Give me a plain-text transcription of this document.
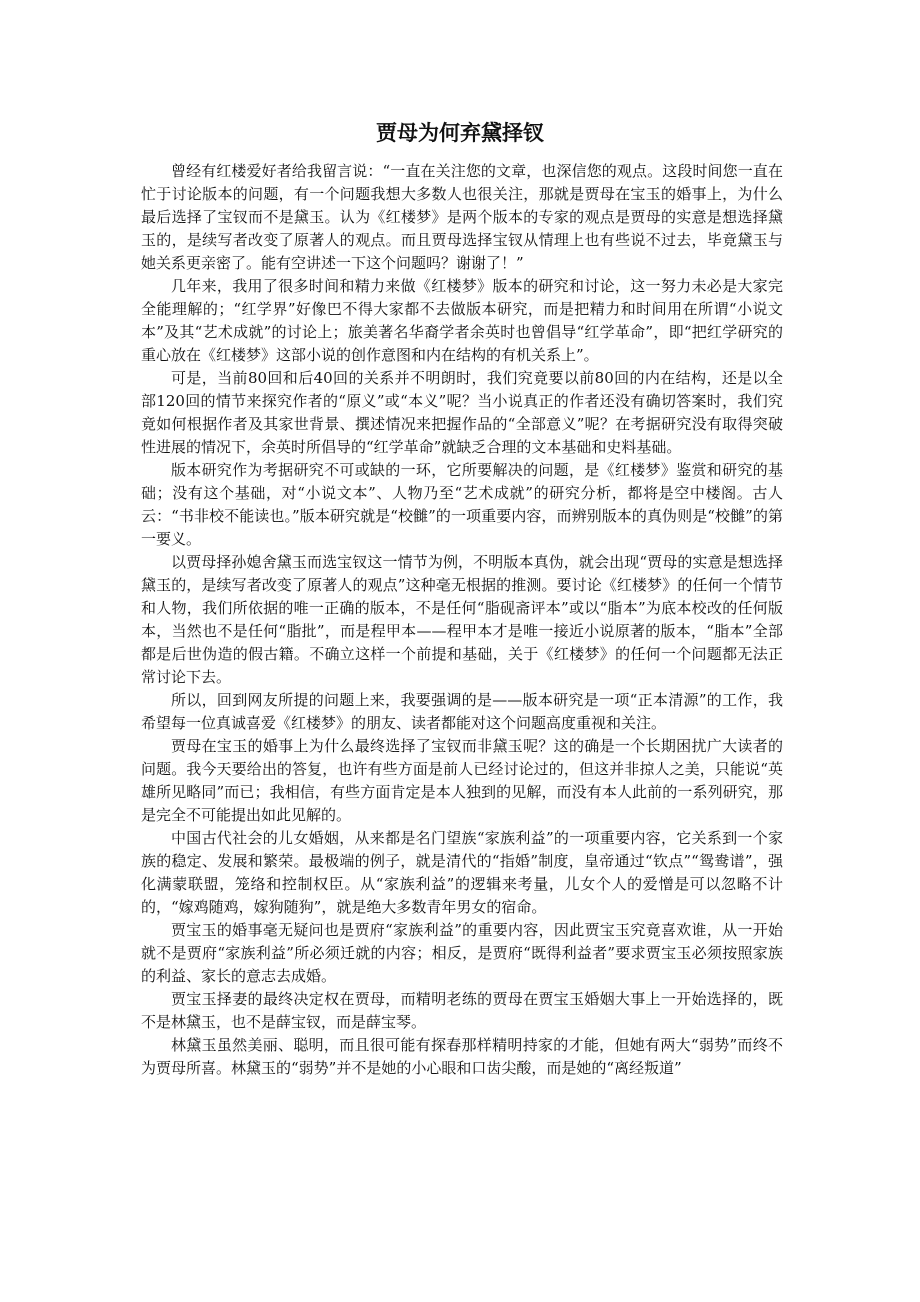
贾母为何弃黛择钗

曾经有红楼爱好者给我留言说：“一直在关注您的文章，也深信您的观点。这段时间您一直在忙于讨论版本的问题，有一个问题我想大多数人也很关注，那就是贾母在宝玉的婚事上，为什么最后选择了宝钗而不是黛玉。认为《红楼梦》是两个版本的专家的观点是贾母的实意是想选择黛玉的，是续写者改变了原著人的观点。而且贾母选择宝钗从情理上也有些说不过去，毕竟黛玉与她关系更亲密了。能有空讲述一下这个问题吗？谢谢了！”

几年来，我用了很多时间和精力来做《红楼梦》版本的研究和讨论，这一努力未必是大家完全能理解的；“红学界”好像巴不得大家都不去做版本研究，而是把精力和时间用在所谓“小说文本”及其“艺术成就”的讨论上；旅美著名华裔学者余英时也曾倡导“红学革命”，即“把红学研究的重心放在《红楼梦》这部小说的创作意图和内在结构的有机关系上”。

可是，当前80回和后40回的关系并不明朗时，我们究竟要以前80回的内在结构，还是以全部120回的情节来探究作者的“原义”或“本义”呢？当小说真正的作者还没有确切答案时，我们究竟如何根据作者及其家世背景、撰述情况来把握作品的“全部意义”呢？在考据研究没有取得突破性进展的情况下，余英时所倡导的“红学革命”就缺乏合理的文本基础和史料基础。

版本研究作为考据研究不可或缺的一环，它所要解决的问题，是《红楼梦》鉴赏和研究的基础；没有这个基础，对“小说文本”、人物乃至“艺术成就”的研究分析，都将是空中楼阁。古人云：“书非校不能读也。”版本研究就是“校雠”的一项重要内容，而辨别版本的真伪则是“校雠”的第一要义。

以贾母择孙媳舍黛玉而选宝钗这一情节为例，不明版本真伪，就会出现“贾母的实意是想选择黛玉的，是续写者改变了原著人的观点”这种毫无根据的推测。要讨论《红楼梦》的任何一个情节和人物，我们所依据的唯一正确的版本，不是任何“脂砚斋评本”或以“脂本”为底本校改的任何版本，当然也不是任何“脂批”，而是程甲本——程甲本才是唯一接近小说原著的版本，“脂本”全部都是后世伪造的假古籍。不确立这样一个前提和基础，关于《红楼梦》的任何一个问题都无法正常讨论下去。

所以，回到网友所提的问题上来，我要强调的是——版本研究是一项“正本清源”的工作，我希望每一位真诚喜爱《红楼梦》的朋友、读者都能对这个问题高度重视和关注。

贾母在宝玉的婚事上为什么最终选择了宝钗而非黛玉呢？这的确是一个长期困扰广大读者的问题。我今天要给出的答复，也许有些方面是前人已经讨论过的，但这并非掠人之美，只能说“英雄所见略同”而已；我相信，有些方面肯定是本人独到的见解，而没有本人此前的一系列研究，那是完全不可能提出如此见解的。

中国古代社会的儿女婚姻，从来都是名门望族“家族利益”的一项重要内容，它关系到一个家族的稳定、发展和繁荣。最极端的例子，就是清代的“指婚”制度，皇帝通过“钦点”“鸳鸯谱”，强化满蒙联盟，笼络和控制权臣。从“家族利益”的逻辑来考量，儿女个人的爱憎是可以忽略不计的，“嫁鸡随鸡，嫁狗随狗”，就是绝大多数青年男女的宿命。

贾宝玉的婚事毫无疑问也是贾府“家族利益”的重要内容，因此贾宝玉究竟喜欢谁，从一开始就不是贾府“家族利益”所必须迁就的内容；相反，是贾府“既得利益者”要求贾宝玉必须按照家族的利益、家长的意志去成婚。

贾宝玉择妻的最终决定权在贾母，而精明老练的贾母在贾宝玉婚姻大事上一开始选择的，既不是林黛玉，也不是薛宝钗，而是薛宝琴。

林黛玉虽然美丽、聪明，而且很可能有探春那样精明持家的才能，但她有两大“弱势”而终不为贾母所喜。林黛玉的“弱势”并不是她的小心眼和口齿尖酸，而是她的“离经叛道”
